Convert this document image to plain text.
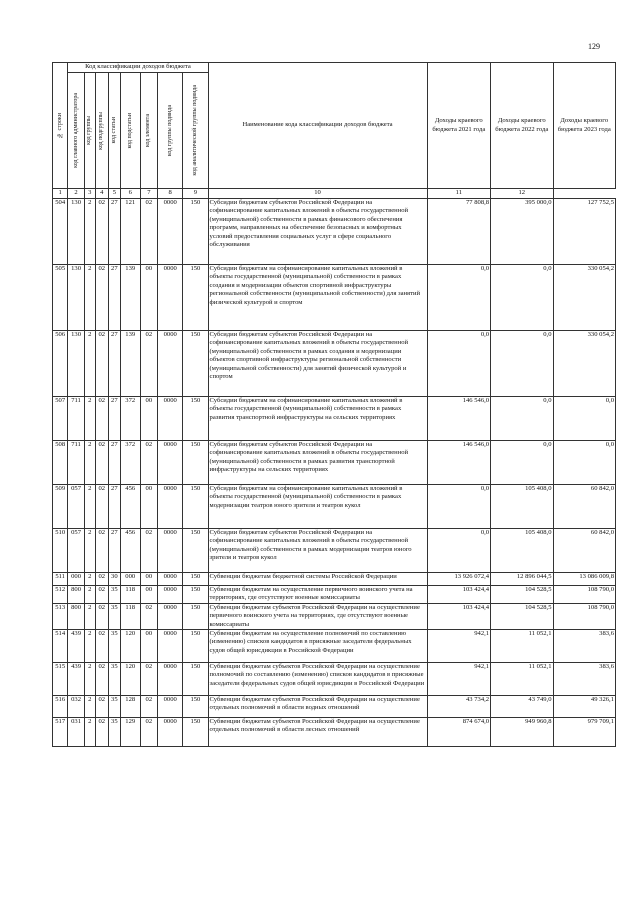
129
№ строки	Код классификации доходов бюджета								Наименование кода классификации доходов бюджета	Доходы краевого бюджета 2021 года	Доходы краевого бюджета 2022 года	Доходы краевого бюджета 2023 года

	код главного администратора	код группы	код подгруппы	код статьи	код подстатьи	код элемента	код группы подвида	код аналитической группы подвида				

1	2	3	4	5	6	7	8	9	10	11	12	
504	130	2	02	27	121	02	0000	150	Субсидии бюджетам субъектов Российской Федерации на софинансирование капитальных вложений в объекты государственной (муниципальной) собственности в рамках финансового обеспечения программ, направленных на обеспечение безопасных и комфортных условий предоставления социальных услуг в сфере социального обслуживания	77 808,8	395 000,0	127 752,5
505	130	2	02	27	139	00	0000	150	Субсидии бюджетам на софинансирование капитальных вложений в объекты государственной (муниципальной) собственности в рамках создания и модернизации объектов спортивной инфраструктуры региональной собственности (муниципальной собственности) для занятий физической культурой и спортом	0,0	0,0	330 054,2
506	130	2	02	27	139	02	0000	150	Субсидии бюджетам субъектов Российской Федерации на софинансирование капитальных вложений в объекты государственной (муниципальной) собственности в рамках создания и модернизации объектов спортивной инфраструктуры региональной собственности (муниципальной собственности) для занятий физической культурой и спортом	0,0	0,0	330 054,2
507	711	2	02	27	372	00	0000	150	Субсидии бюджетам на софинансирование капитальных вложений в объекты государственной (муниципальной) собственности в рамках развития транспортной инфраструктуры на сельских территориях	146 546,0	0,0	0,0
508	711	2	02	27	372	02	0000	150	Субсидии бюджетам субъектов Российской Федерации на софинансирование капитальных вложений в объекты государственной (муниципальной) собственности в рамках развития транспортной инфраструктуры на сельских территориях	146 546,0	0,0	0,0
509	057	2	02	27	456	00	0000	150	Субсидии бюджетам на софинансирование капитальных вложений в объекты государственной (муниципальной) собственности в рамках модернизации театров юного зрителя и театров кукол	0,0	105 408,0	60 842,0
510	057	2	02	27	456	02	0000	150	Субсидии бюджетам субъектов Российской Федерации на софинансирование капитальных вложений в объекты государственной (муниципальной) собственности в рамках модернизации театров юного зрителя и театров кукол	0,0	105 408,0	60 842,0
511	000	2	02	30	000	00	0000	150	Субвенции бюджетам бюджетной системы Российской Федерации	13 926 072,4	12 896 044,5	13 086 009,8
512	800	2	02	35	118	00	0000	150	Субвенции бюджетам на осуществление первичного воинского учета на территориях, где отсутствуют военные комиссариаты	103 424,4	104 528,5	108 790,0
513	800	2	02	35	118	02	0000	150	Субвенции бюджетам субъектов Российской Федерации на осуществление первичного воинского учета на территориях, где отсутствуют военные комиссариаты	103 424,4	104 528,5	108 790,0
514	439	2	02	35	120	00	0000	150	Субвенции бюджетам на осуществление полномочий по составлению (изменению) списков кандидатов в присяжные заседатели федеральных судов общей юрисдикции в Российской Федерации	942,1	11 052,1	383,6
515	439	2	02	35	120	02	0000	150	Субвенции бюджетам субъектов Российской Федерации на осуществление полномочий по составлению (изменению) списков кандидатов в присяжные заседатели федеральных судов общей юрисдикции в Российской Федерации	942,1	11 052,1	383,6
516	032	2	02	35	128	02	0000	150	Субвенции бюджетам субъектов Российской Федерации на осуществление отдельных полномочий в области водных отношений	43 734,2	43 749,0	49 326,1
517	031	2	02	35	129	02	0000	150	Субвенции бюджетам субъектов Российской Федерации на осуществление отдельных полномочий в области лесных отношений	874 674,0	949 960,8	979 709,1
